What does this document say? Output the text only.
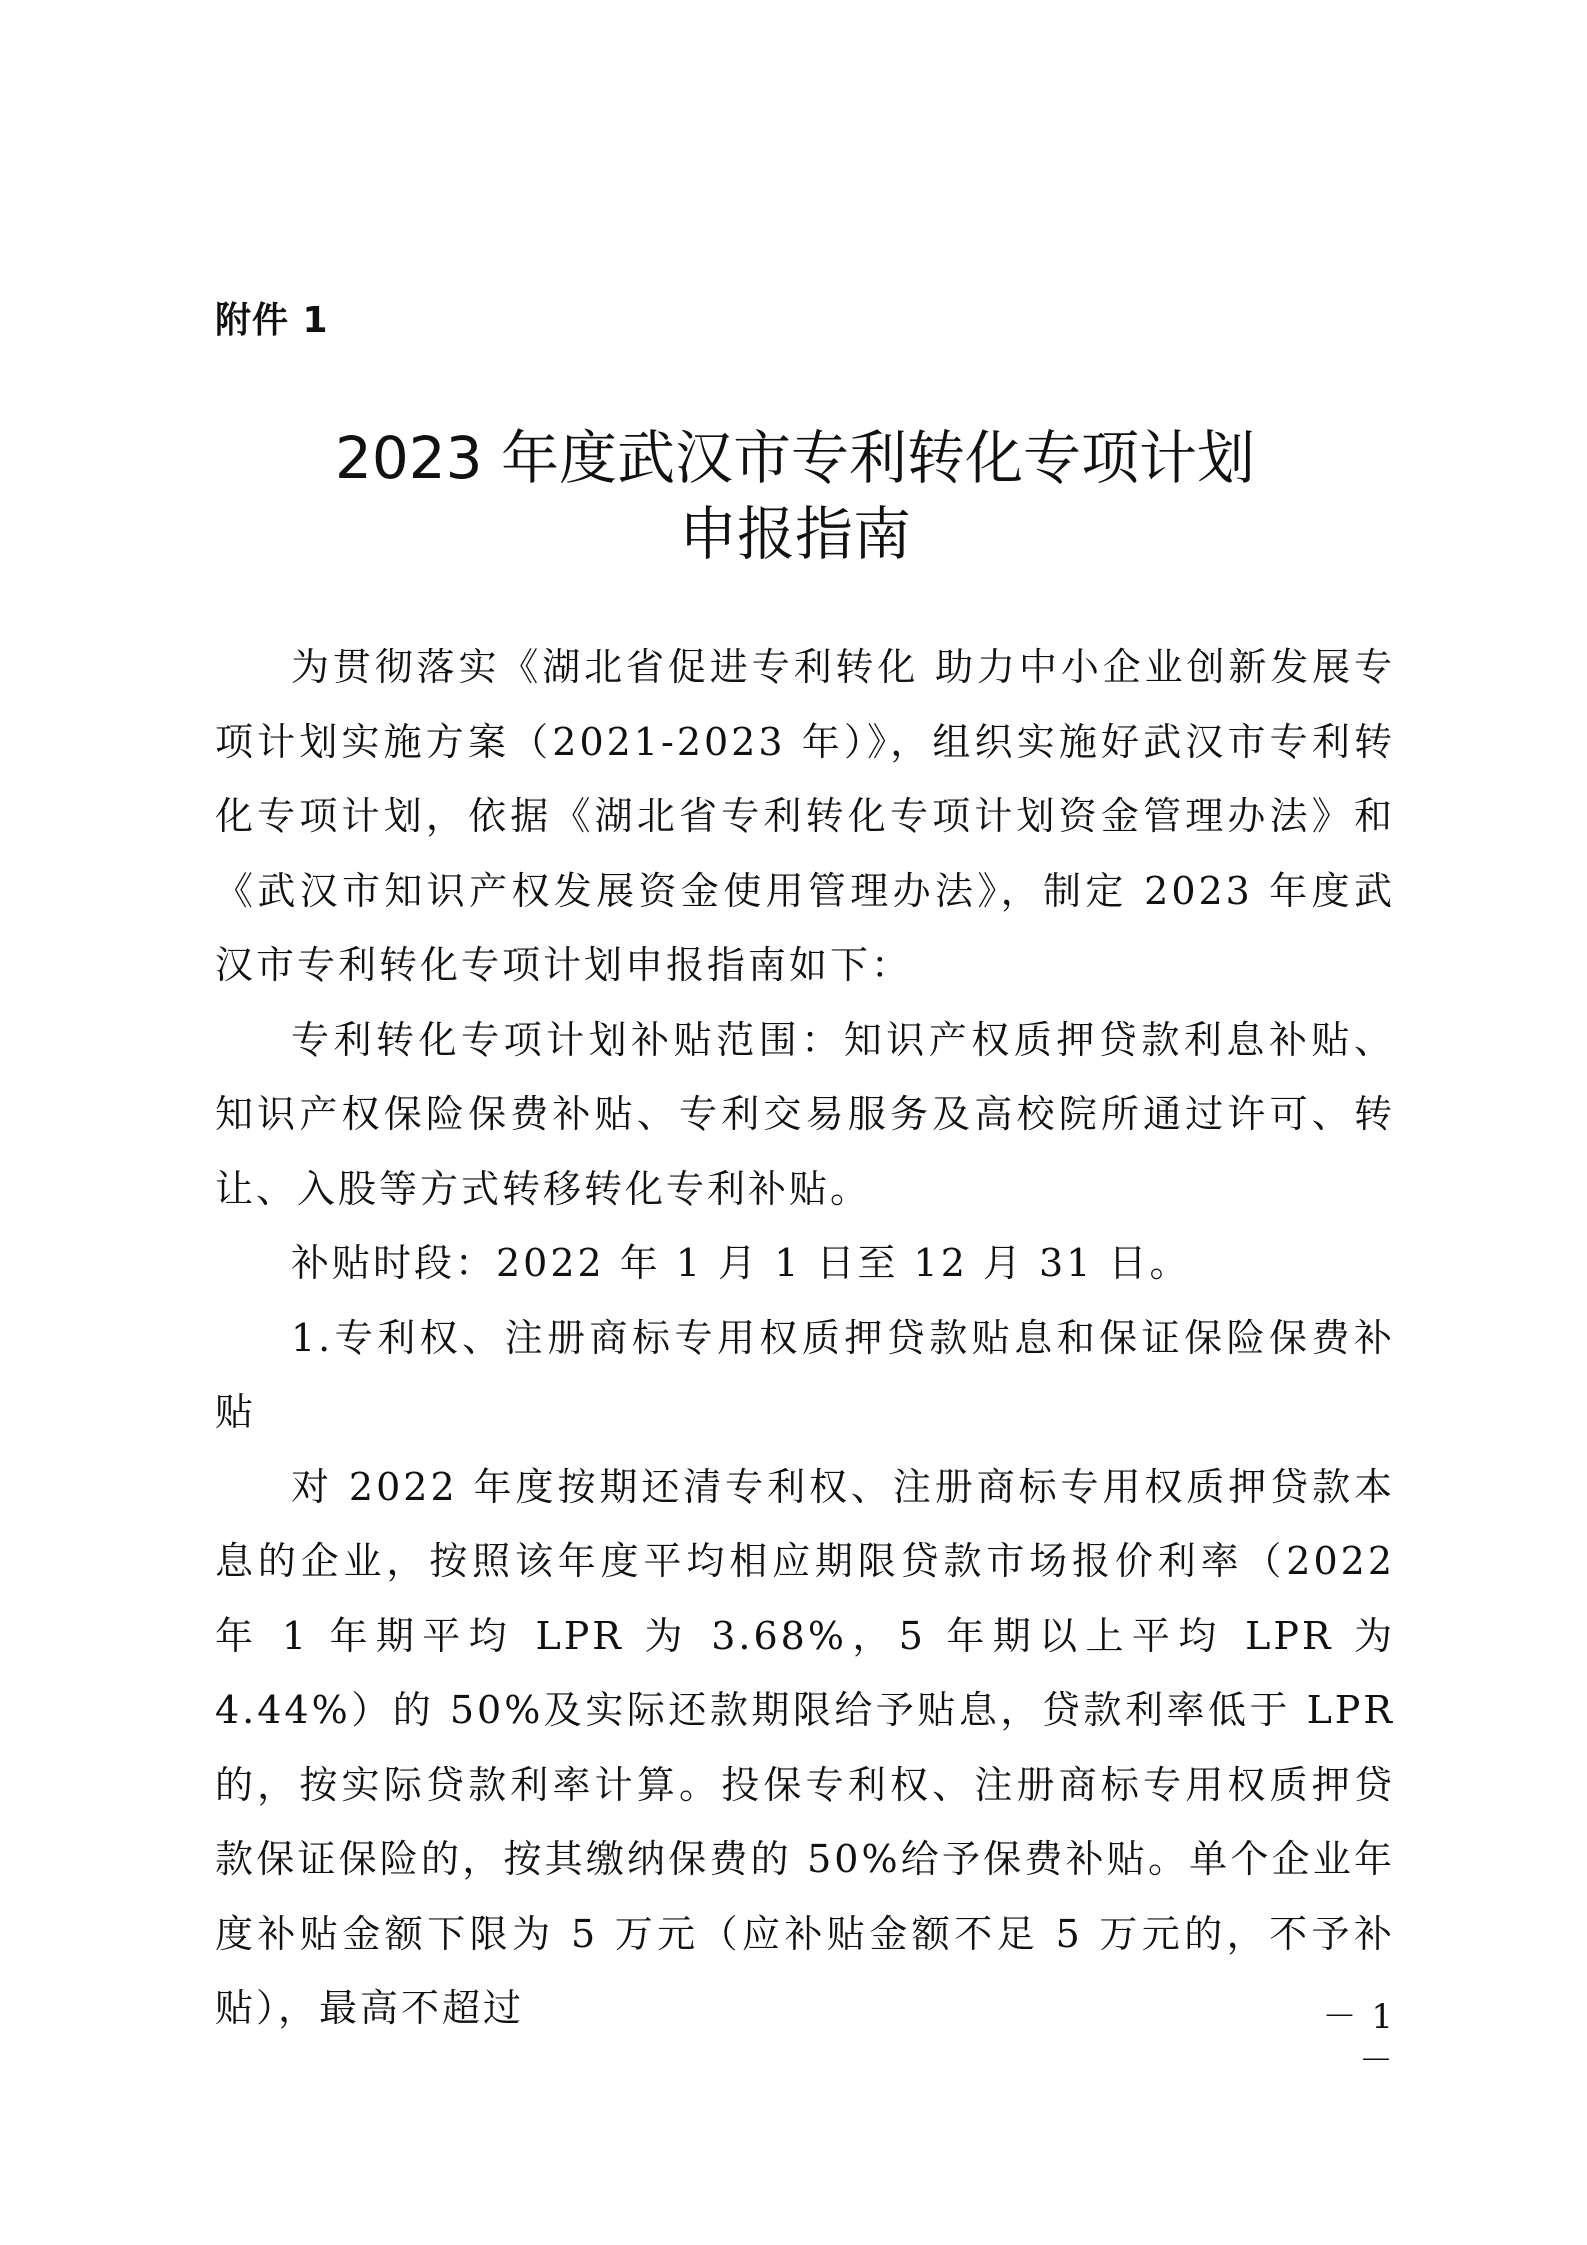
附件 1
2023 年度武汉市专利转化专项计划
申报指南

为贯彻落实《湖北省促进专利转化 助力中小企业创新发展专项计划实施方案（2021-2023 年）》，组织实施好武汉市专利转化专项计划，依据《湖北省专利转化专项计划资金管理办法》和《武汉市知识产权发展资金使用管理办法》，制定 2023 年度武汉市专利转化专项计划申报指南如下：

专利转化专项计划补贴范围：知识产权质押贷款利息补贴、知识产权保险保费补贴、专利交易服务及高校院所通过许可、转让、入股等方式转移转化专利补贴。

补贴时段：2022 年 1 月 1 日至 12 月 31 日。

1.专利权、注册商标专用权质押贷款贴息和保证保险保费补贴

对 2022 年度按期还清专利权、注册商标专用权质押贷款本息的企业，按照该年度平均相应期限贷款市场报价利率（2022 年 1 年期平均 LPR 为 3.68%，5 年期以上平均 LPR 为 4.44%）的 50%及实际还款期限给予贴息，贷款利率低于 LPR 的，按实际贷款利率计算。投保专利权、注册商标专用权质押贷款保证保险的，按其缴纳保费的 50%给予保费补贴。单个企业年度补贴金额下限为 5 万元（应补贴金额不足 5 万元的，不予补贴），最高不超过	－ 1 －
